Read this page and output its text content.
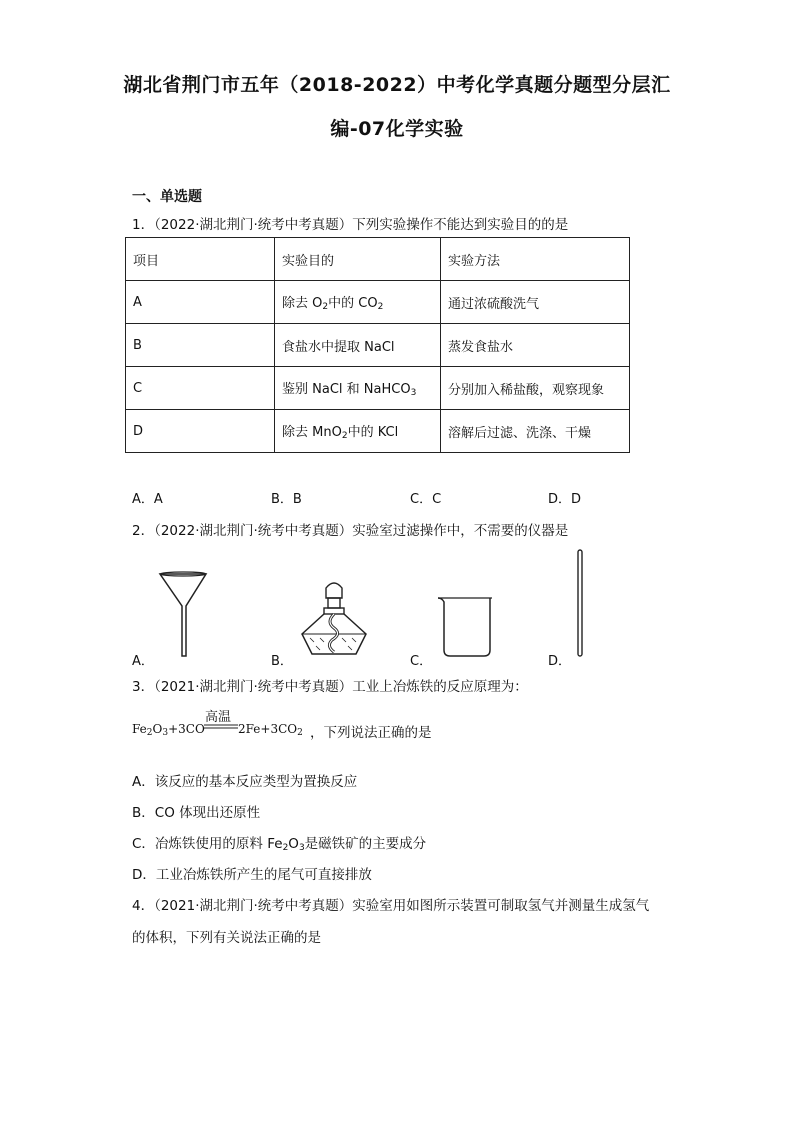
湖北省荆门市五年（2018-2022）中考化学真题分题型分层汇
编-07化学实验
一、单选题
1．（2022·湖北荆门·统考中考真题）下列实验操作不能达到实验目的的是
项目	实验目的	实验方法
A	除去 $O_2$中的 $CO_2$	通过浓硫酸洗气
B	食盐水中提取 NaCl	蒸发食盐水
C	鉴别 NaCl 和 NaHCO$_3$	分别加入稀盐酸，观察现象
D	除去 MnO$_2$中的 KCl	溶解后过滤、洗涤、干燥
A．A	B．B	C．C	D．D
2．（2022·湖北荆门·统考中考真题）实验室过滤操作中，不需要的仪器是
A．	B．	C．	D．
3．（2021·湖北荆门·统考中考真题）工业上冶炼铁的反应原理为：
$Fe_2O_3+3CO$
高温
$2Fe+3CO_2$ ，下列说法正确的是
A．该反应的基本反应类型为置换反应
B．CO 体现出还原性
C．冶炼铁使用的原料 $Fe_2O_3$是磁铁矿的主要成分
D．工业冶炼铁所产生的尾气可直接排放
4．（2021·湖北荆门·统考中考真题）实验室用如图所示装置可制取氢气并测量生成氢气
的体积，下列有关说法正确的是
